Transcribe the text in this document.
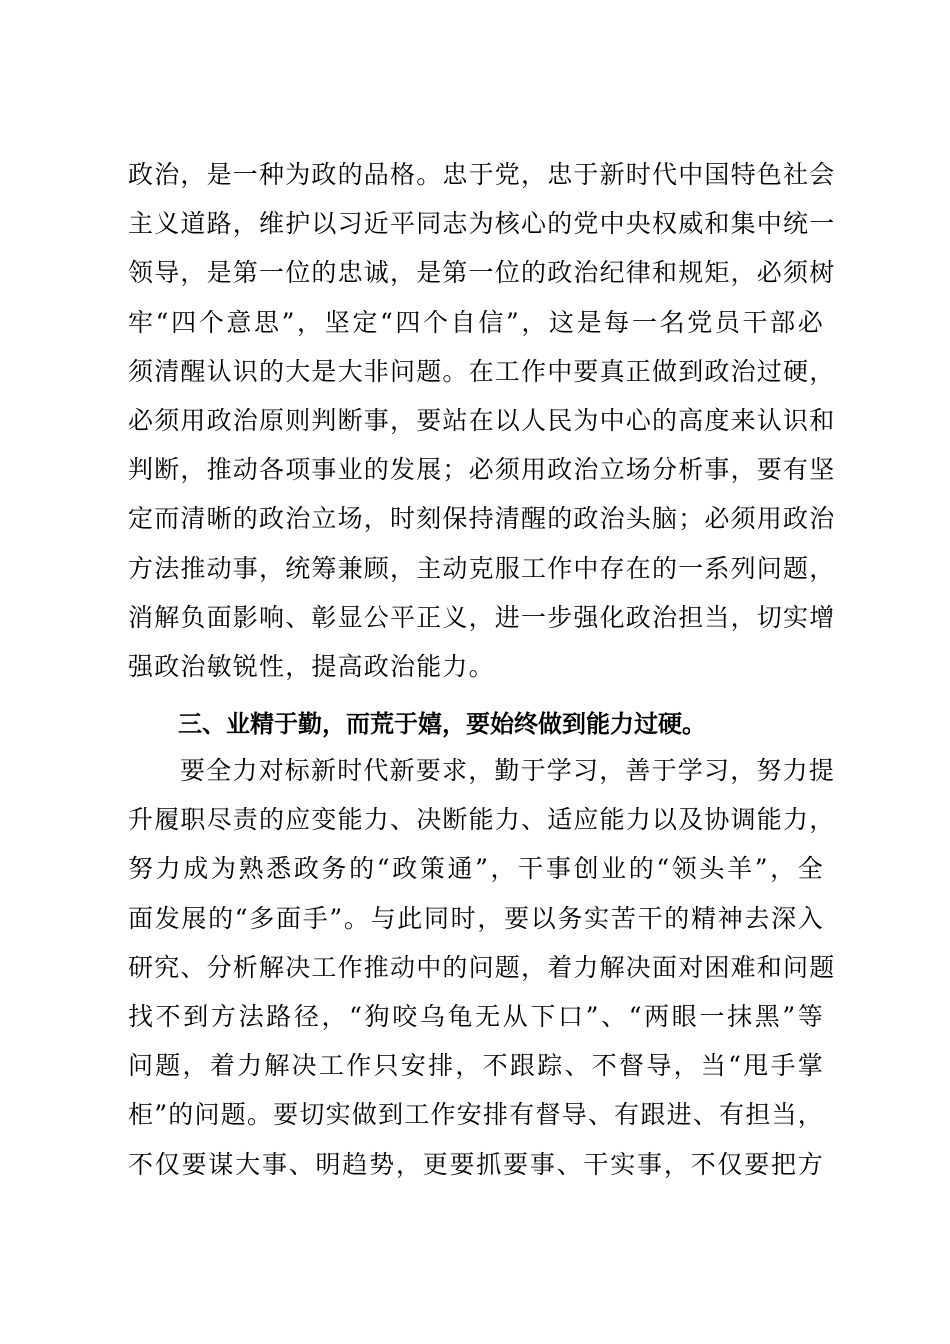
政治，是一种为政的品格。忠于党，忠于新时代中国特色社会
主义道路，维护以习近平同志为核心的党中央权威和集中统一
领导，是第一位的忠诚，是第一位的政治纪律和规矩，必须树
牢“四个意思”，坚定“四个自信”，这是每一名党员干部必
须清醒认识的大是大非问题。在工作中要真正做到政治过硬，
必须用政治原则判断事，要站在以人民为中心的高度来认识和
判断，推动各项事业的发展；必须用政治立场分析事，要有坚
定而清晰的政治立场，时刻保持清醒的政治头脑；必须用政治
方法推动事，统筹兼顾，主动克服工作中存在的一系列问题，
消解负面影响、彰显公平正义，进一步强化政治担当，切实增
强政治敏锐性，提高政治能力。
三、业精于勤，而荒于嬉，要始终做到能力过硬。
要全力对标新时代新要求，勤于学习，善于学习，努力提
升履职尽责的应变能力、决断能力、适应能力以及协调能力，
努力成为熟悉政务的“政策通”，干事创业的“领头羊”，全
面发展的“多面手”。与此同时，要以务实苦干的精神去深入
研究、分析解决工作推动中的问题，着力解决面对困难和问题
找不到方法路径，“狗咬乌龟无从下口”、“两眼一抹黑”等
问题，着力解决工作只安排，不跟踪、不督导，当“甩手掌
柜”的问题。要切实做到工作安排有督导、有跟进、有担当，
不仅要谋大事、明趋势，更要抓要事、干实事，不仅要把方
